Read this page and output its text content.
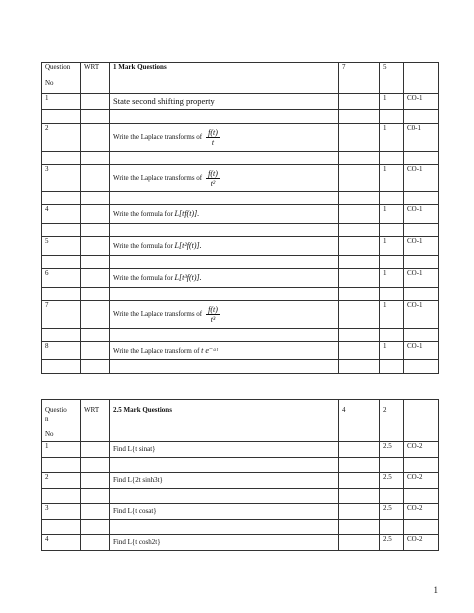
Question
No	WRT	1 Mark Questions	7	5	
1		State second shifting property		1	CO-1

2		Write the Laplace transforms of $\frac{f(t)}{t}$		1	C0-1

3		Write the Laplace transforms of $\frac{f(t)}{\text{t²}}$		1	CO-1

4		Write the formula for L[tf(t)].		1	CO-1

5		Write the formula for L[t²f(t)].		1	CO-1

6		Write the formula for L[t³f(t)].		1	CO-1

7		Write the Laplace transforms of $\frac{f(t)}{\text{t³}}$		1	CO-1

8		Write the Laplace transform of t e⁻ᵃᵗ		1	CO-1

Questio
n
No	WRT	2.5 Mark Questions	4	2	
1		Find L{t sinat}		2.5	CO-2

2		Find L{2t sinh3t}		2.5	CO-2

3		Find L{t cosat}		2.5	CO-2

4		Find L{t cosh2t}		2.5	CO-2
1
